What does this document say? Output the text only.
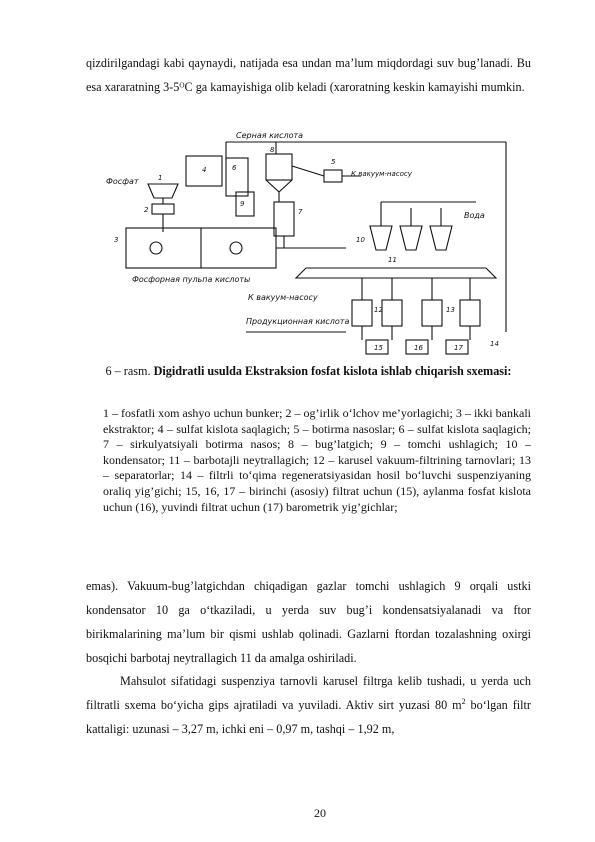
qizdirilgandagi kabi qaynaydi, natijada esa undan ma’lum miqdordagi suv bug’lanadi. Bu esa xararatning 3-5ᴼC ga kamayishiga olib keladi (xaroratning keskin kamayishi mumkin.

Серная кислота
4	6
8
5
К вакуум-насосу
Фосфат	1
2
3
Фосфорная пульпа кислоты
7
9
Вода
10
11
К вакуум-насосу
Продукционная кислота
12	13
14
15	16	17

6 – rasm. Digidratli usulda Ekstraksion fosfat kislota ishlab chiqarish sxemasi:

1 – fosfatli xom ashyo uchun bunker; 2 – og’irlik o‘lchov me’yorlagichi; 3 – ikki bankali ekstraktor; 4 – sulfat kislota saqlagich; 5 – botirma nasoslar; 6 – sulfat kislota saqlagich; 7 – sirkulyatsiyali botirma nasos; 8 – bug’latgich; 9 – tomchi ushlagich; 10 – kondensator; 11 – barbotajli neytrallagich; 12 – karusel vakuum-filtrining tarnovlari; 13 – separatorlar; 14 – filtrli to‘qima regeneratsiyasidan hosil bo‘luvchi suspenziyaning oraliq yig’gichi; 15, 16, 17 – birinchi (asosiy) filtrat uchun (15), aylanma fosfat kislota uchun (16), yuvindi filtrat uchun (17) barometrik yig’gichlar;

emas). Vakuum-bug’latgichdan chiqadigan gazlar tomchi ushlagich 9 orqali ustki kondensator 10 ga o‘tkaziladi, u yerda suv bug’i kondensatsiyalanadi va ftor birikmalarining ma’lum bir qismi ushlab qolinadi. Gazlarni ftordan tozalashning oxirgi bosqichi barbotaj neytrallagich 11 da amalga oshiriladi.

Mahsulot sifatidagi suspenziya tarnovli karusel filtrga kelib tushadi, u yerda uch filtratli sxema bo‘yicha gips ajratiladi va yuviladi. Aktiv sirt yuzasi 80 $m^2$ bo‘lgan filtr kattaligi: uzunasi – 3,27 m, ichki eni – 0,97 m, tashqi – 1,92 m,

20
